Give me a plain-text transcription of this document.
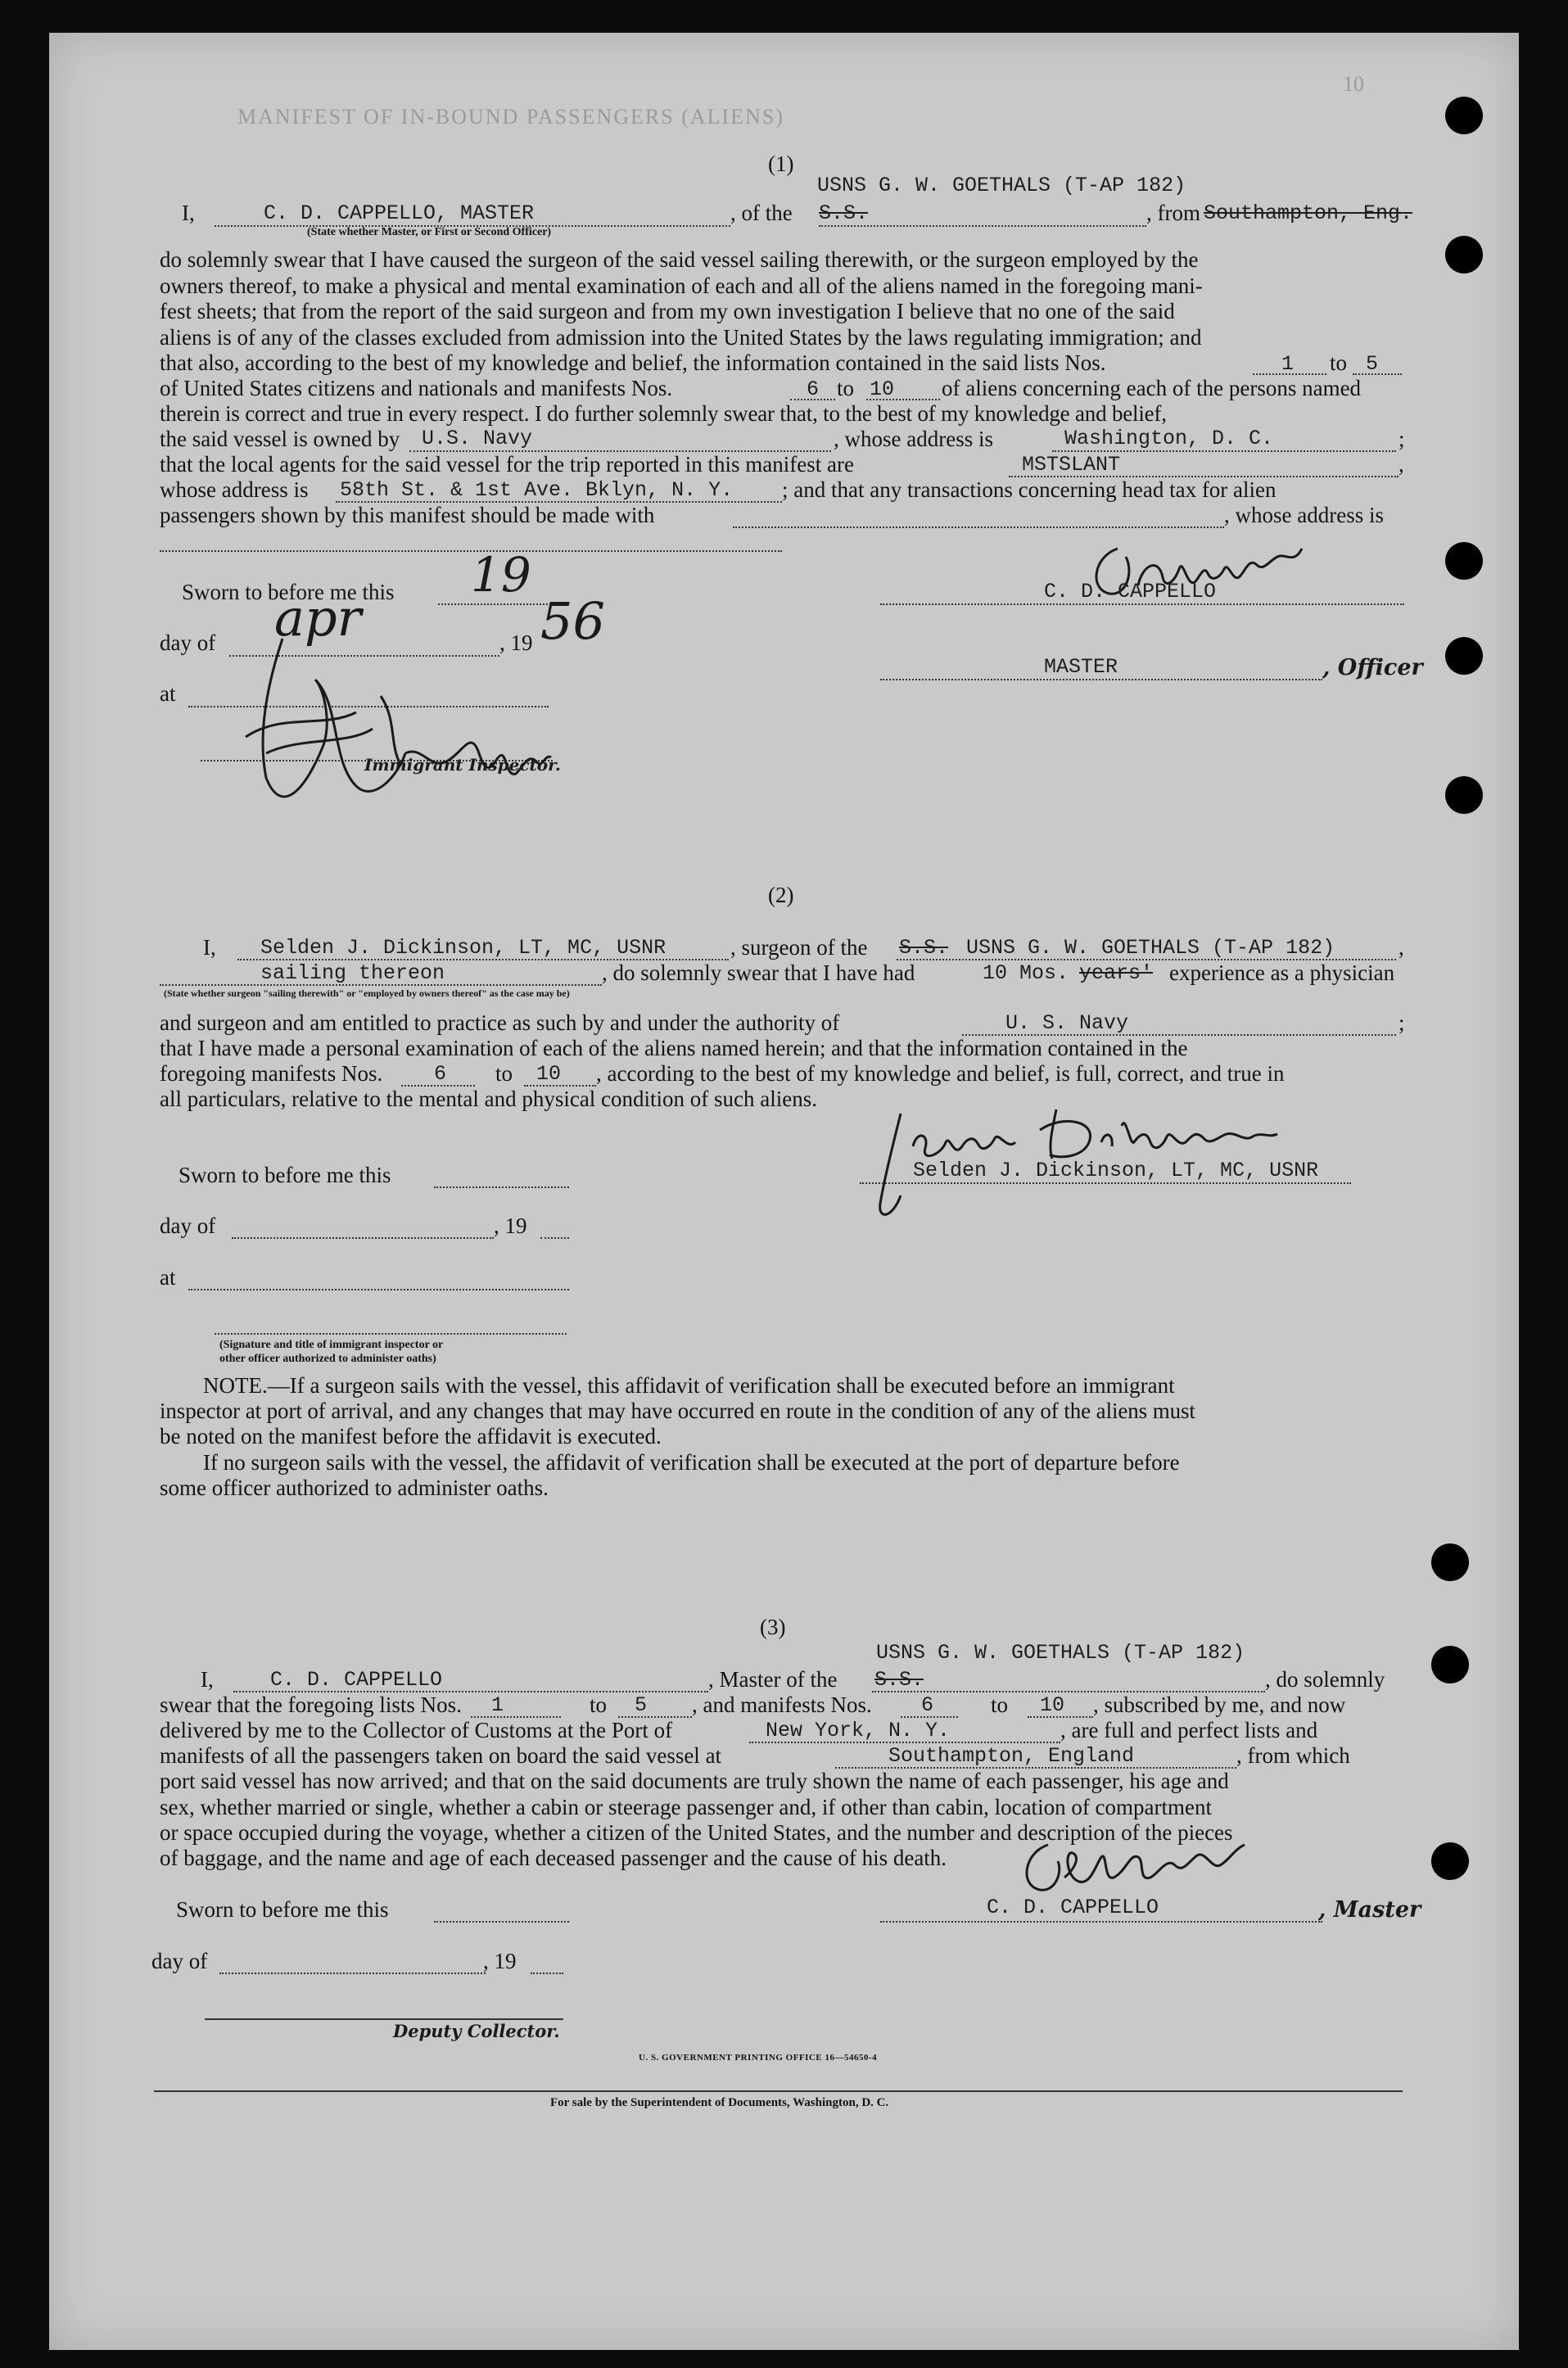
MANIFEST OF IN-BOUND PASSENGERS (ALIENS)
10
(1)
USNS G. W. GOETHALS (T-AP 182)
I,	C. D. CAPPELLO, MASTER	, of the S.S.	, from Southampton, Eng.
(State whether Master, or First or Second Officer)
do solemnly swear that I have caused the surgeon of the said vessel sailing therewith, or the surgeon employed by the
owners thereof, to make a physical and mental examination of each and all of the aliens named in the foregoing mani-
fest sheets; that from the report of the said surgeon and from my own investigation I believe that no one of the said
aliens is of any of the classes excluded from admission into the United States by the laws regulating immigration; and
that also, according to the best of my knowledge and belief, the information contained in the said lists Nos.	1 to 5
of United States citizens and nationals and manifests Nos.	6 to 10 of aliens concerning each of the persons named
therein is correct and true in every respect. I do further solemnly swear that, to the best of my knowledge and belief,
the said vessel is owned by U.S. Navy	, whose address is	Washington, D. C.	;
that the local agents for the said vessel for the trip reported in this manifest are	MSTSLANT	,
whose address is 58th St. & 1st Ave. Bklyn, N. Y. ; and that any transactions concerning head tax for alien
passengers shown by this manifest should be made with	, whose address is
Sworn to before me this 19
day of apr	, 19 56
at
Immigrant Inspector.
C. D. CAPPELLO
MASTER	, Officer
(2)
I, Selden J. Dickinson, LT, MC, USNR	, surgeon of the S.S. USNS G. W. GOETHALS (T-AP 182)	,
sailing thereon	, do solemnly swear that I have had	10 Mos. years' experience as a physician
(State whether surgeon "sailing therewith" or "employed by owners thereof" as the case may be)
and surgeon and am entitled to practice as such by and under the authority of	U. S. Navy	;
that I have made a personal examination of each of the aliens named herein; and that the information contained in the
foregoing manifests Nos.	6 to 10 , according to the best of my knowledge and belief, is full, correct, and true in
all particulars, relative to the mental and physical condition of such aliens.
Selden J. Dickinson, LT, MC, USNR
Sworn to before me this
day of	, 19
at
(Signature and title of immigrant inspector or
other officer authorized to administer oaths)
NOTE.—If a surgeon sails with the vessel, this affidavit of verification shall be executed before an immigrant
inspector at port of arrival, and any changes that may have occurred en route in the condition of any of the aliens must
be noted on the manifest before the affidavit is executed.
If no surgeon sails with the vessel, the affidavit of verification shall be executed at the port of departure before
some officer authorized to administer oaths.
(3)
USNS G. W. GOETHALS (T-AP 182)
I,	C. D. CAPPELLO	, Master of the S.S.	, do solemnly
swear that the foregoing lists Nos. 1	to 5 , and manifests Nos. 6	to 10 , subscribed by me, and now
delivered by me to the Collector of Customs at the Port of	New York, N. Y.	, are full and perfect lists and
manifests of all the passengers taken on board the said vessel at	Southampton, England	, from which
port said vessel has now arrived; and that on the said documents are truly shown the name of each passenger, his age and
sex, whether married or single, whether a cabin or steerage passenger and, if other than cabin, location of compartment
or space occupied during the voyage, whether a citizen of the United States, and the number and description of the pieces
of baggage, and the name and age of each deceased passenger and the cause of his death.
Sworn to before me this	C. D. CAPPELLO	, Master
day of	, 19
Deputy Collector.
U. S. GOVERNMENT PRINTING OFFICE 16—54650-4
For sale by the Superintendent of Documents, Washington, D. C.
